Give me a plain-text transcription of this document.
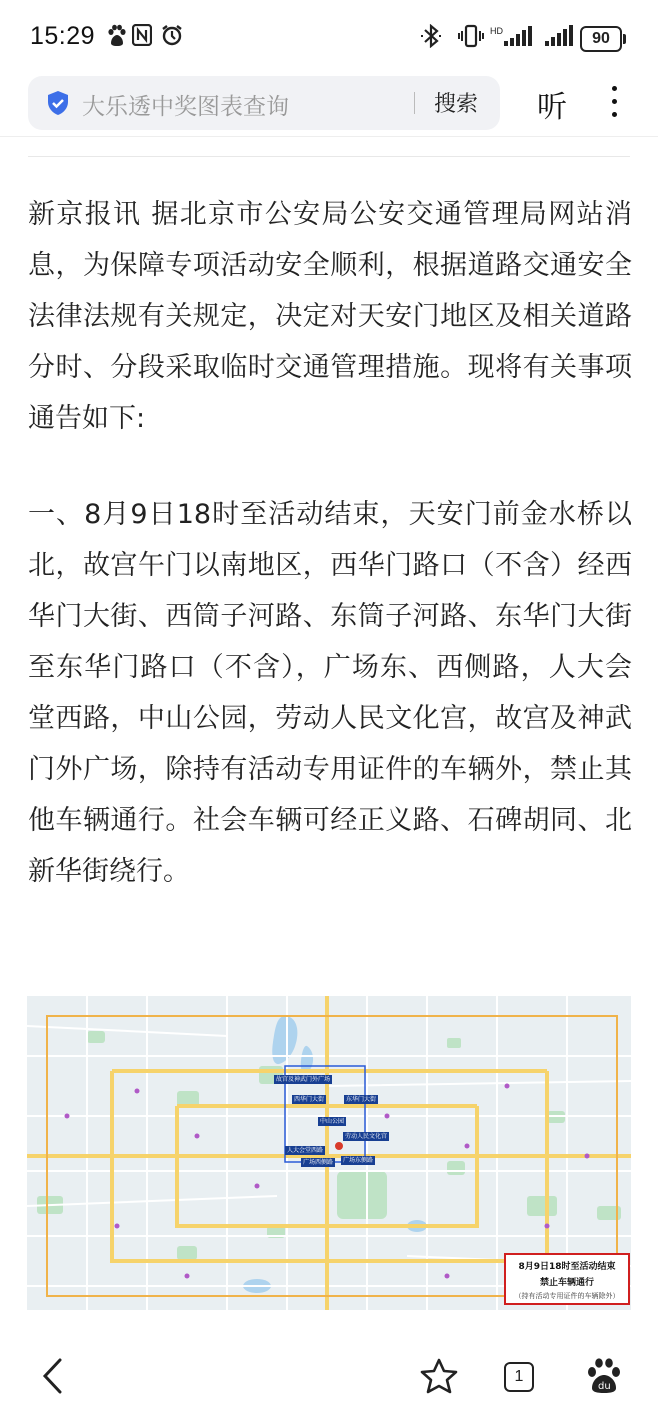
15:29	HD	90
大乐透中奖图表查询	搜索 听

新京报讯 据北京市公安局公安交通管理局网站消息，为保障专项活动安全顺利，根据道路交通安全法律法规有关规定，决定对天安门地区及相关道路分时、分段采取临时交通管理措施。现将有关事项通告如下:

一、8月9日18时至活动结束，天安门前金水桥以北，故宫午门以南地区，西华门路口（不含）经西华门大街、西筒子河路、东筒子河路、东华门大街至东华门路口（不含），广场东、西侧路，人大会堂西路，中山公园，劳动人民文化宫，故宫及神武门外广场，除持有活动专用证件的车辆外，禁止其他车辆通行。社会车辆可经正义路、石碑胡同、北新华街绕行。

故宫及神武门外广场
西华门大街	东华门大街
中山公园
劳动人民文化宫
人大会堂西路
广场西侧路	广场东侧路
8月9日18时至活动结束
禁止车辆通行
（持有活动专用证件的车辆除外）
1
du
